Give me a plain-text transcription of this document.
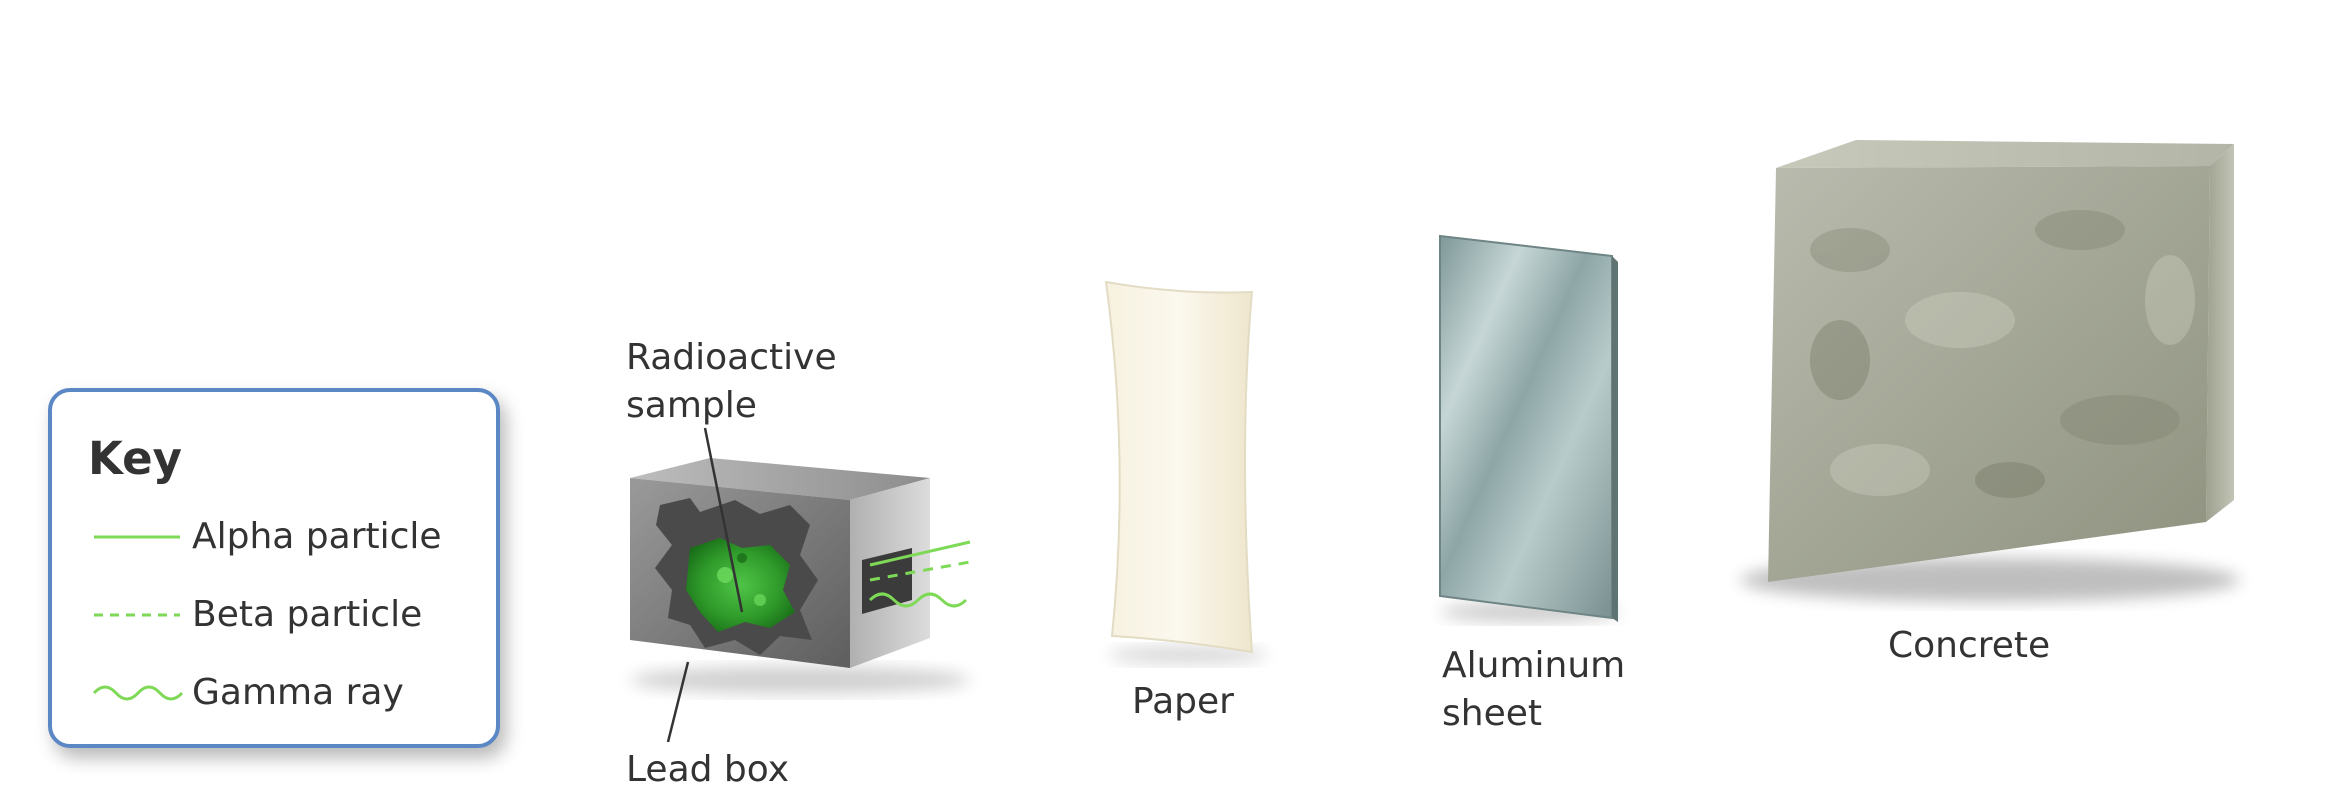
Key
Alpha particle
Beta particle
Gamma ray
Radioactive
sample
Lead box
Paper
Aluminum
sheet
Concrete
